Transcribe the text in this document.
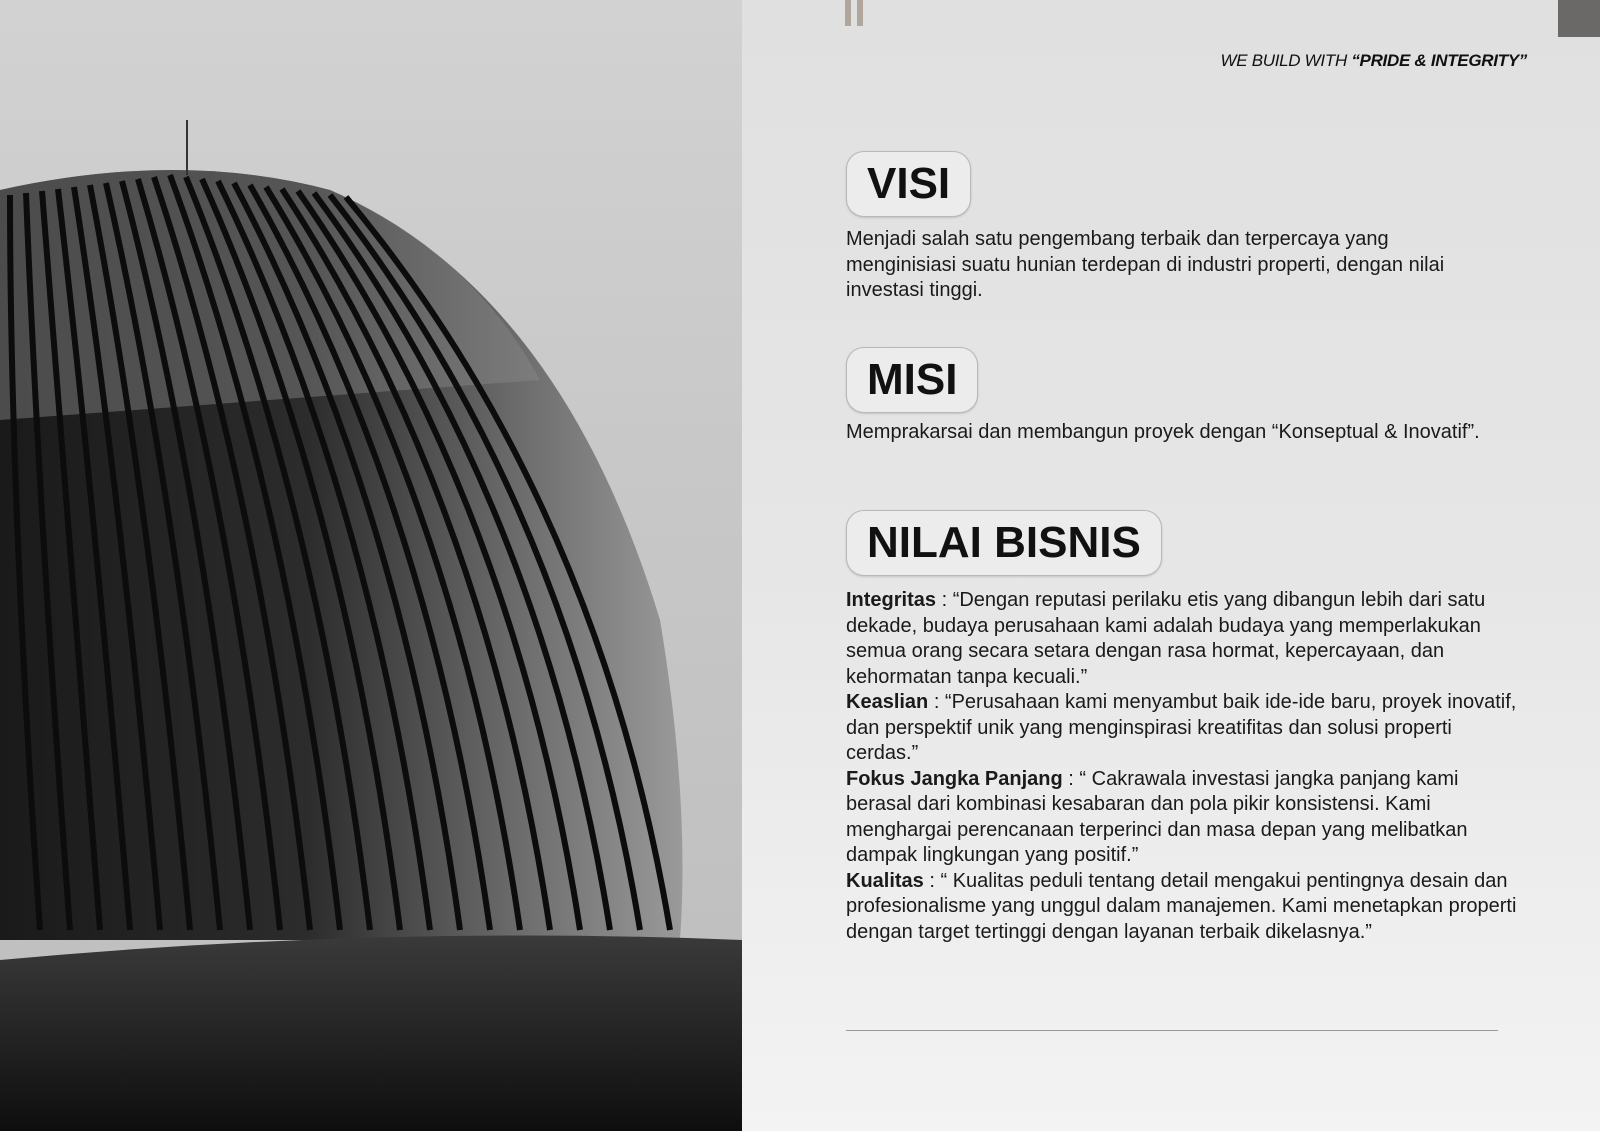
WE BUILD WITH “PRIDE & INTEGRITY”
VISI
Menjadi salah satu pengembang terbaik dan terpercaya yang menginisiasi suatu hunian terdepan di industri properti, dengan nilai investasi tinggi.
MISI
Memprakarsai dan membangun proyek dengan “Konseptual & Inovatif”.
NILAI BISNIS
Integritas : “Dengan reputasi perilaku etis yang dibangun lebih dari satu dekade, budaya perusahaan kami adalah budaya yang memperlakukan semua orang secara setara dengan rasa hormat, kepercayaan, dan kehormatan tanpa kecuali.”
Keaslian : “Perusahaan kami menyambut baik ide-ide baru, proyek inovatif, dan perspektif unik yang menginspirasi kreatifitas dan solusi properti cerdas.”
Fokus Jangka Panjang : “ Cakrawala investasi jangka panjang kami berasal dari kombinasi kesabaran dan pola pikir konsistensi. Kami menghargai perencanaan terperinci dan masa depan yang melibatkan dampak lingkungan yang positif.”
Kualitas : “ Kualitas peduli tentang detail mengakui pentingnya desain dan profesionalisme yang unggul dalam manajemen. Kami menetapkan properti dengan target tertinggi dengan layanan terbaik dikelasnya.”
